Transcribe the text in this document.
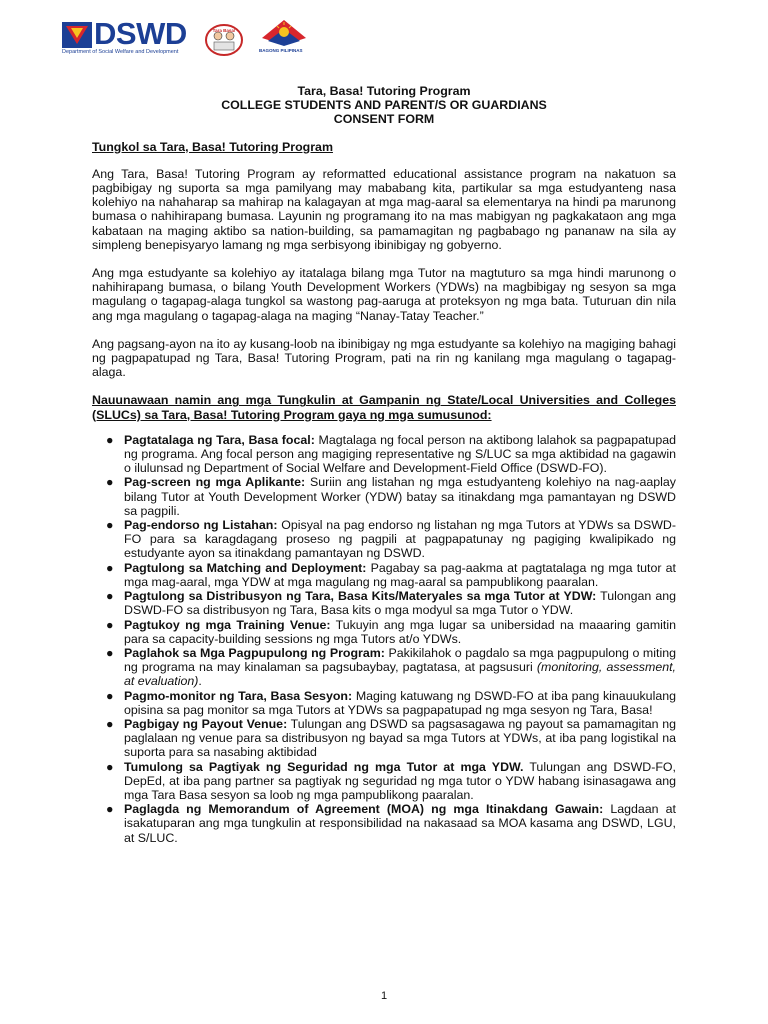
DSWD
Department of Social Welfare and Development
Tara Basa!
BAGONG PILIPINAS

Tara, Basa! Tutoring Program

COLLEGE STUDENTS AND PARENT/S OR GUARDIANS

CONSENT FORM

Tungkol sa Tara, Basa! Tutoring Program

Ang Tara, Basa! Tutoring Program ay reformatted educational assistance program na nakatuon sa pagbibigay ng suporta sa mga pamilyang may mababang kita, partikular sa mga estudyanteng nasa kolehiyo na nahaharap sa mahirap na kalagayan at mga mag-aaral sa elementarya na hindi pa marunong bumasa o nahihirapang bumasa. Layunin ng programang ito na mas mabigyan ng pagkakataon ang mga kabataan na maging aktibo sa nation-building, sa pamamagitan ng pagbabago ng pananaw na sila ay simpleng benepisyaryo lamang ng mga serbisyong ibinibigay ng gobyerno.

Ang mga estudyante sa kolehiyo ay itatalaga bilang mga Tutor na magtuturo sa mga hindi marunong o nahihirapang bumasa, o bilang Youth Development Workers (YDWs) na magbibigay ng sesyon sa mga magulang o tagapag-alaga tungkol sa wastong pag-aaruga at proteksyon ng mga bata. Tuturuan din nila ang mga magulang o tagapag-alaga na maging “Nanay-Tatay Teacher.”

Ang pagsang-ayon na ito ay kusang-loob na ibinibigay ng mga estudyante sa kolehiyo na magiging bahagi ng pagpapatupad ng Tara, Basa! Tutoring Program, pati na rin ng kanilang mga magulang o tagapag-alaga.

Nauunawaan namin ang mga Tungkulin at Gampanin ng State/Local Universities and Colleges (SLUCs) sa Tara, Basa! Tutoring Program gaya ng mga sumusunod:

● Pagtatalaga ng Tara, Basa focal: Magtalaga ng focal person na aktibong lalahok sa pagpapatupad ng programa. Ang focal person ang magiging representative ng S/LUC sa mga aktibidad na gagawin o ilulunsad ng Department of Social Welfare and Development-Field Office (DSWD-FO).
● Pag-screen ng mga Aplikante: Suriin ang listahan ng mga estudyanteng kolehiyo na nag-aaplay bilang Tutor at Youth Development Worker (YDW) batay sa itinakdang mga pamantayan ng DSWD sa pagpili.
● Pag-endorso ng Listahan: Opisyal na pag endorso ng listahan ng mga Tutors at YDWs sa DSWD-FO para sa karagdagang proseso ng pagpili at pagpapatunay ng pagiging kwalipikado ng estudyante ayon sa itinakdang pamantayan ng DSWD.
● Pagtulong sa Matching and Deployment: Pagabay sa pag-aakma at pagtatalaga ng mga tutor at mga mag-aaral, mga YDW at mga magulang ng mag-aaral sa pampublikong paaralan.
● Pagtulong sa Distribusyon ng Tara, Basa Kits/Materyales sa mga Tutor at YDW: Tulongan ang DSWD-FO sa distribusyon ng Tara, Basa kits o mga modyul sa mga Tutor o YDW.
● Pagtukoy ng mga Training Venue: Tukuyin ang mga lugar sa unibersidad na maaaring gamitin para sa capacity-building sessions ng mga Tutors at/o YDWs.
● Paglahok sa Mga Pagpupulong ng Program: Pakikilahok o pagdalo sa mga pagpupulong o miting ng programa na may kinalaman sa pagsubaybay, pagtatasa, at pagsusuri (monitoring, assessment, at evaluation).
● Pagmo-monitor ng Tara, Basa Sesyon: Maging katuwang ng DSWD-FO at iba pang kinauukulang opisina sa pag monitor sa mga Tutors at YDWs sa pagpapatupad ng mga sesyon ng Tara, Basa!
● Pagbigay ng Payout Venue: Tulungan ang DSWD sa pagsasagawa ng payout sa pamamagitan ng paglalaan ng venue para sa distribusyon ng bayad sa mga Tutors at YDWs, at iba pang logistikal na suporta para sa nasabing aktibidad
● Tumulong sa Pagtiyak ng Seguridad ng mga Tutor at mga YDW. Tulungan ang DSWD-FO, DepEd, at iba pang partner sa pagtiyak ng seguridad ng mga tutor o YDW habang isinasagawa ang mga Tara Basa sesyon sa loob ng mga pampublikong paaralan.
● Paglagda ng Memorandum of Agreement (MOA) ng mga Itinakdang Gawain: Lagdaan at isakatuparan ang mga tungkulin at responsibilidad na nakasaad sa MOA kasama ang DSWD, LGU, at S/LUC.
1
